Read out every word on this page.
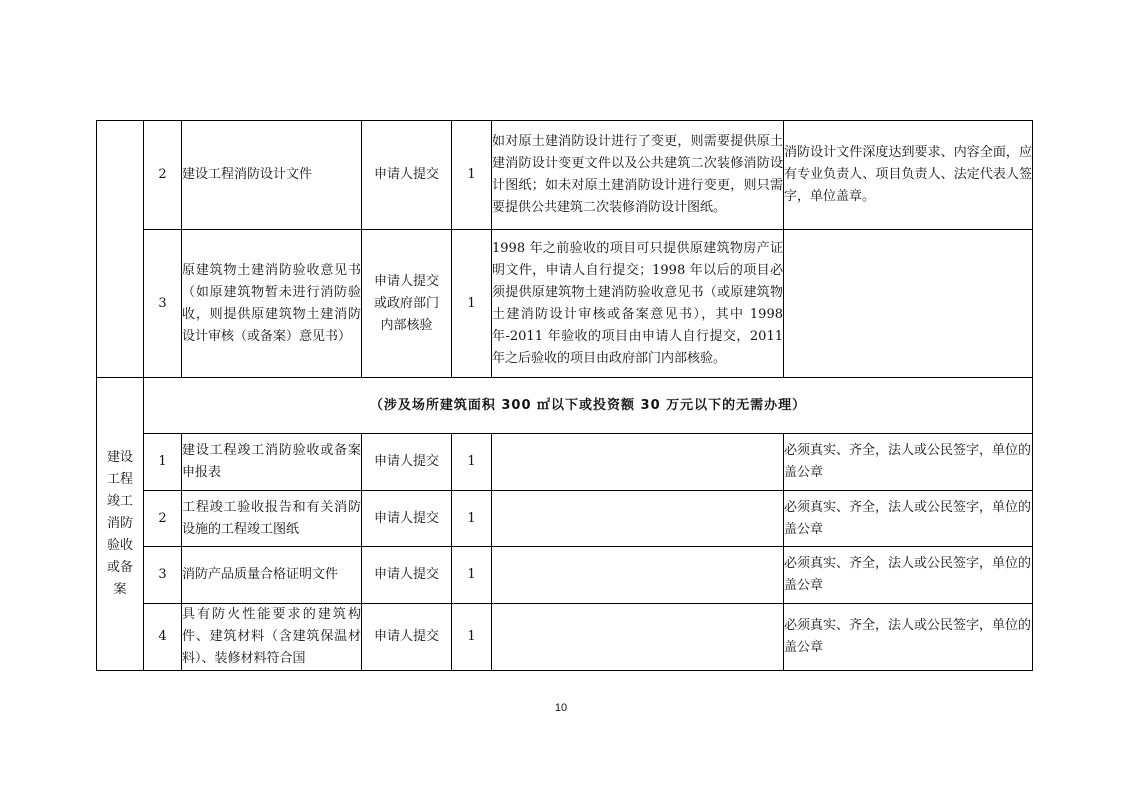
	2	建设工程消防设计文件	申请人提交	1	如对原土建消防设计进行了变更，则需要提供原土建消防设计变更文件以及公共建筑二次装修消防设计图纸；如未对原土建消防设计进行变更，则只需要提供公共建筑二次装修消防设计图纸。	消防设计文件深度达到要求、内容全面，应有专业负责人、项目负责人、法定代表人签字，单位盖章。
	3	原建筑物土建消防验收意见书（如原建筑物暂未进行消防验收，则提供原建筑物土建消防设计审核（或备案）意见书）	申请人提交或政府部门内部核验	1	1998 年之前验收的项目可只提供原建筑物房产证明文件，申请人自行提交；1998 年以后的项目必须提供原建筑物土建消防验收意见书（或原建筑物土建消防设计审核或备案意见书），其中 1998 年-2011 年验收的项目由申请人自行提交，2011 年之后验收的项目由政府部门内部核验。	

建设工程竣工消防验收或备案	（涉及场所建筑面积 300 ㎡以下或投资额 30 万元以下的无需办理）					
	1	建设工程竣工消防验收或备案申报表	申请人提交	1		必须真实、齐全，法人或公民签字，单位的盖公章
	2	工程竣工验收报告和有关消防设施的工程竣工图纸	申请人提交	1		必须真实、齐全，法人或公民签字，单位的盖公章
	3	消防产品质量合格证明文件	申请人提交	1		必须真实、齐全，法人或公民签字，单位的盖公章
	4	具有防火性能要求的建筑构件、建筑材料（含建筑保温材料）、装修材料符合国	申请人提交	1		必须真实、齐全，法人或公民签字，单位的盖公章
10
